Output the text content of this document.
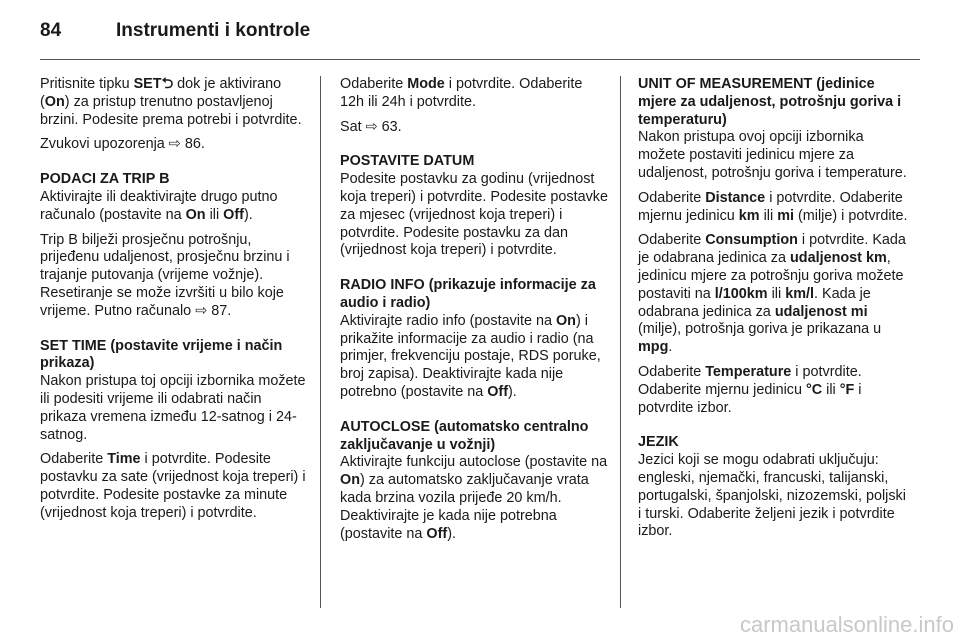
84	Instrumenti i kontrole

Pritisnite tipku SET⮌ dok je aktivirano (On) za pristup trenutno postavljenoj brzini. Podesite prema potrebi i potvrdite.

Zvukovi upozorenja ⇨ 86.

PODACI ZA TRIP B
Aktivirajte ili deaktivirajte drugo putno računalo (postavite na On ili Off).

Trip B bilježi prosječnu potrošnju, prijeđenu udaljenost, prosječnu brzinu i trajanje putovanja (vrijeme vožnje). Resetiranje se može izvršiti u bilo koje vrijeme. Putno računalo ⇨ 87.

SET TIME (postavite vrijeme i način prikaza)
Nakon pristupa toj opciji izbornika možete ili podesiti vrijeme ili odabrati način prikaza vremena između 12-satnog i 24-satnog.

Odaberite Time i potvrdite. Podesite postavku za sate (vrijednost koja treperi) i potvrdite. Podesite postavke za minute (vrijednost koja treperi) i potvrdite.

Odaberite Mode i potvrdite. Odaberite 12h ili 24h i potvrdite.

Sat ⇨ 63.

POSTAVITE DATUM
Podesite postavku za godinu (vrijednost koja treperi) i potvrdite. Podesite postavke za mjesec (vrijednost koja treperi) i potvrdite. Podesite postavku za dan (vrijednost koja treperi) i potvrdite.

RADIO INFO (prikazuje informacije za audio i radio)
Aktivirajte radio info (postavite na On) i prikažite informacije za audio i radio (na primjer, frekvenciju postaje, RDS poruke, broj zapisa). Deaktivirajte kada nije potrebno (postavite na Off).

AUTOCLOSE (automatsko centralno zaključavanje u vožnji)
Aktivirajte funkciju autoclose (postavite na On) za automatsko zaključavanje vrata kada brzina vozila prijeđe 20 km/h. Deaktivirajte je kada nije potrebna (postavite na Off).

UNIT OF MEASUREMENT (jedinice mjere za udaljenost, potrošnju goriva i temperaturu)
Nakon pristupa ovoj opciji izbornika možete postaviti jedinicu mjere za udaljenost, potrošnju goriva i temperature.

Odaberite Distance i potvrdite. Odaberite mjernu jedinicu km ili mi (milje) i potvrdite.

Odaberite Consumption i potvrdite. Kada je odabrana jedinica za udaljenost km, jedinicu mjere za potrošnju goriva možete postaviti na l/100km ili km/l. Kada je odabrana jedinica za udaljenost mi (milje), potrošnja goriva je prikazana u mpg.

Odaberite Temperature i potvrdite. Odaberite mjernu jedinicu °C ili °F i potvrdite izbor.

JEZIK
Jezici koji se mogu odabrati uključuju: engleski, njemački, francuski, talijanski, portugalski, španjolski, nizozemski, poljski i turski. Odaberite željeni jezik i potvrdite izbor.

carmanualsonline.info
